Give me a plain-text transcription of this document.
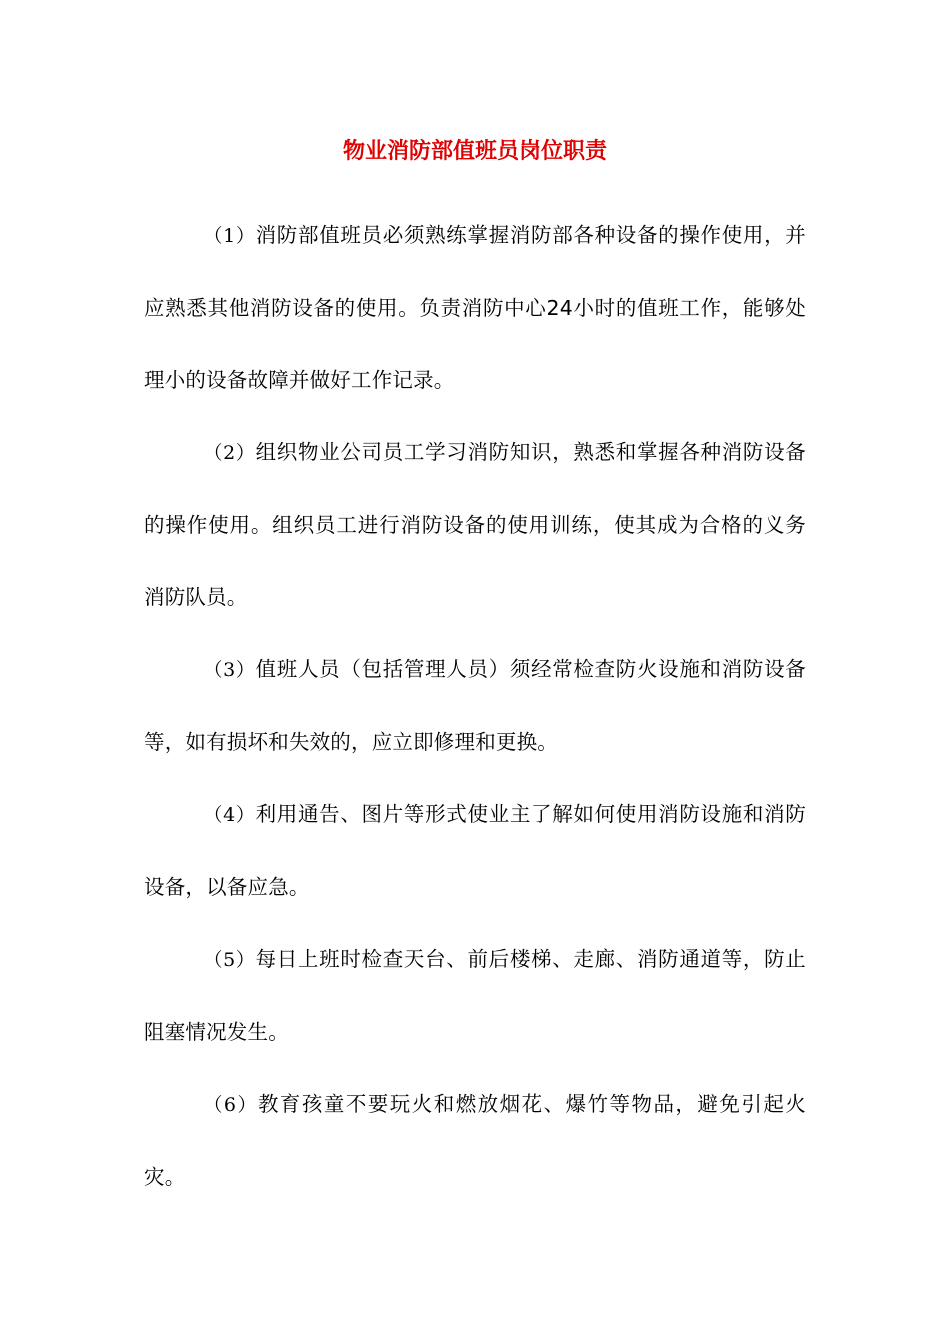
物业消防部值班员岗位职责

（1）消防部值班员必须熟练掌握消防部各种设备的操作使用，并应熟悉其他消防设备的使用。负责消防中心24小时的值班工作，能够处理小的设备故障并做好工作记录。

（2）组织物业公司员工学习消防知识，熟悉和掌握各种消防设备的操作使用。组织员工进行消防设备的使用训练，使其成为合格的义务消防队员。

（3）值班人员（包括管理人员）须经常检查防火设施和消防设备等，如有损坏和失效的，应立即修理和更换。

（4）利用通告、图片等形式使业主了解如何使用消防设施和消防设备，以备应急。

（5）每日上班时检查天台、前后楼梯、走廊、消防通道等，防止阻塞情况发生。

（6）教育孩童不要玩火和燃放烟花、爆竹等物品，避免引起火灾。
